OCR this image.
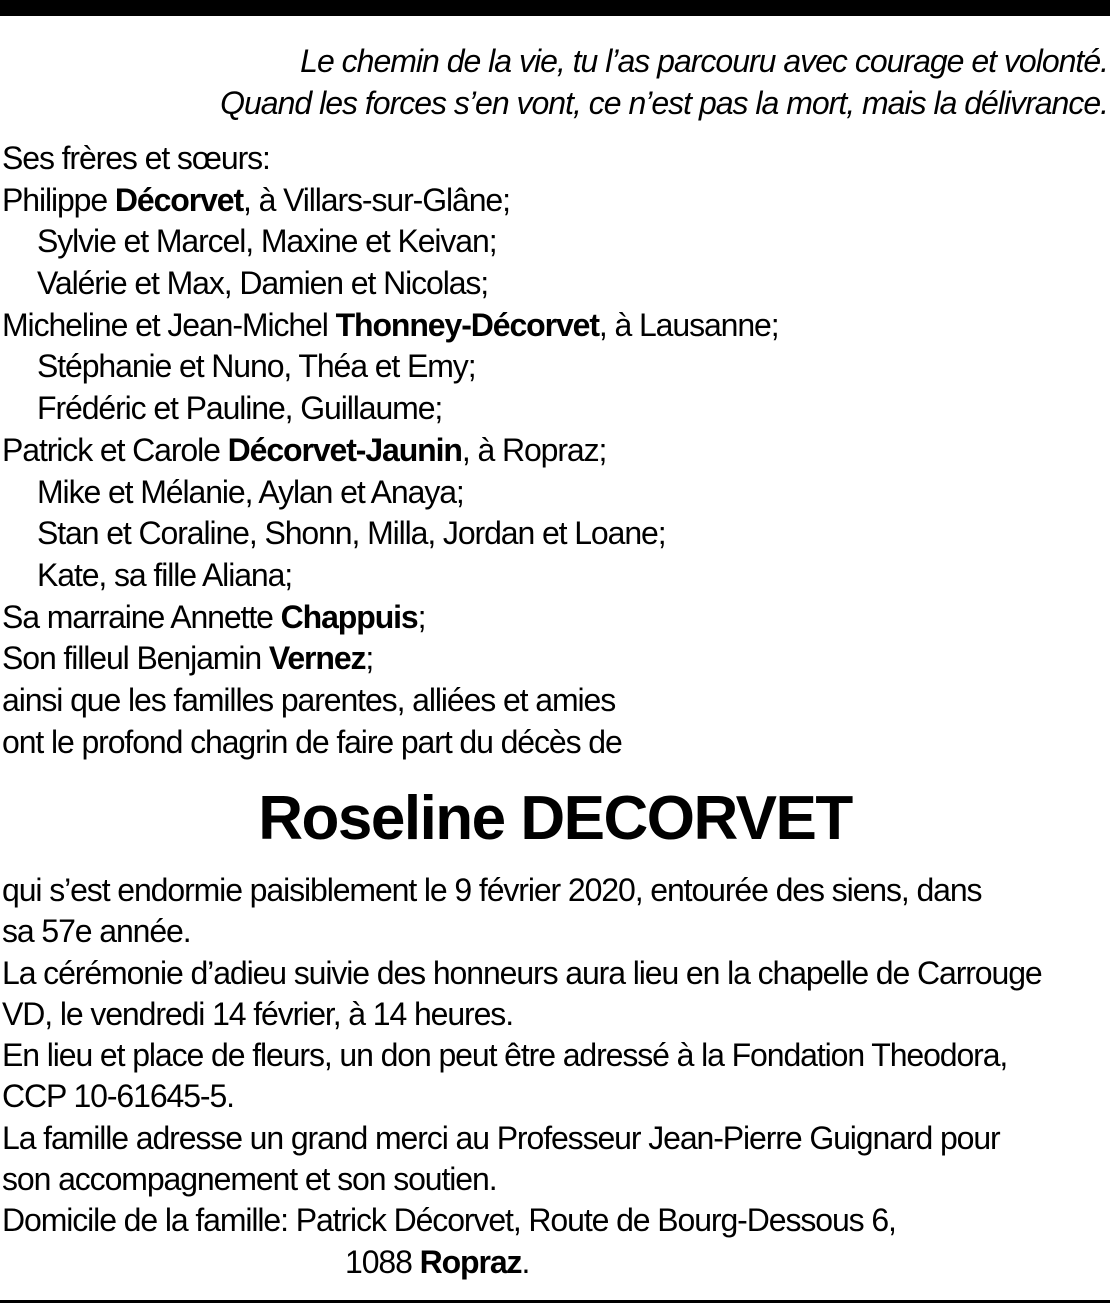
Le chemin de la vie, tu l’as parcouru avec courage et volonté.
Quand les forces s’en vont, ce n’est pas la mort, mais la délivrance.
Ses frères et sœurs:
Philippe Décorvet, à Villars-sur-Glâne;
Sylvie et Marcel, Maxine et Keivan;
Valérie et Max, Damien et Nicolas;
Micheline et Jean-Michel Thonney-Décorvet, à Lausanne;
Stéphanie et Nuno, Théa et Emy;
Frédéric et Pauline, Guillaume;
Patrick et Carole Décorvet-Jaunin, à Ropraz;
Mike et Mélanie, Aylan et Anaya;
Stan et Coraline, Shonn, Milla, Jordan et Loane;
Kate, sa fille Aliana;
Sa marraine Annette Chappuis;
Son filleul Benjamin Vernez;
ainsi que les familles parentes, alliées et amies
ont le profond chagrin de faire part du décès de
Roseline DECORVET
qui s’est endormie paisiblement le 9 février 2020, entourée des siens, dans
sa 57e année.
La cérémonie d’adieu suivie des honneurs aura lieu en la chapelle de Carrouge
VD, le vendredi 14 février, à 14 heures.
En lieu et place de fleurs, un don peut être adressé à la Fondation Theodora,
CCP 10-61645-5.
La famille adresse un grand merci au Professeur Jean-Pierre Guignard pour
son accompagnement et son soutien.
Domicile de la famille: Patrick Décorvet, Route de Bourg-Dessous 6,
1088 Ropraz.
